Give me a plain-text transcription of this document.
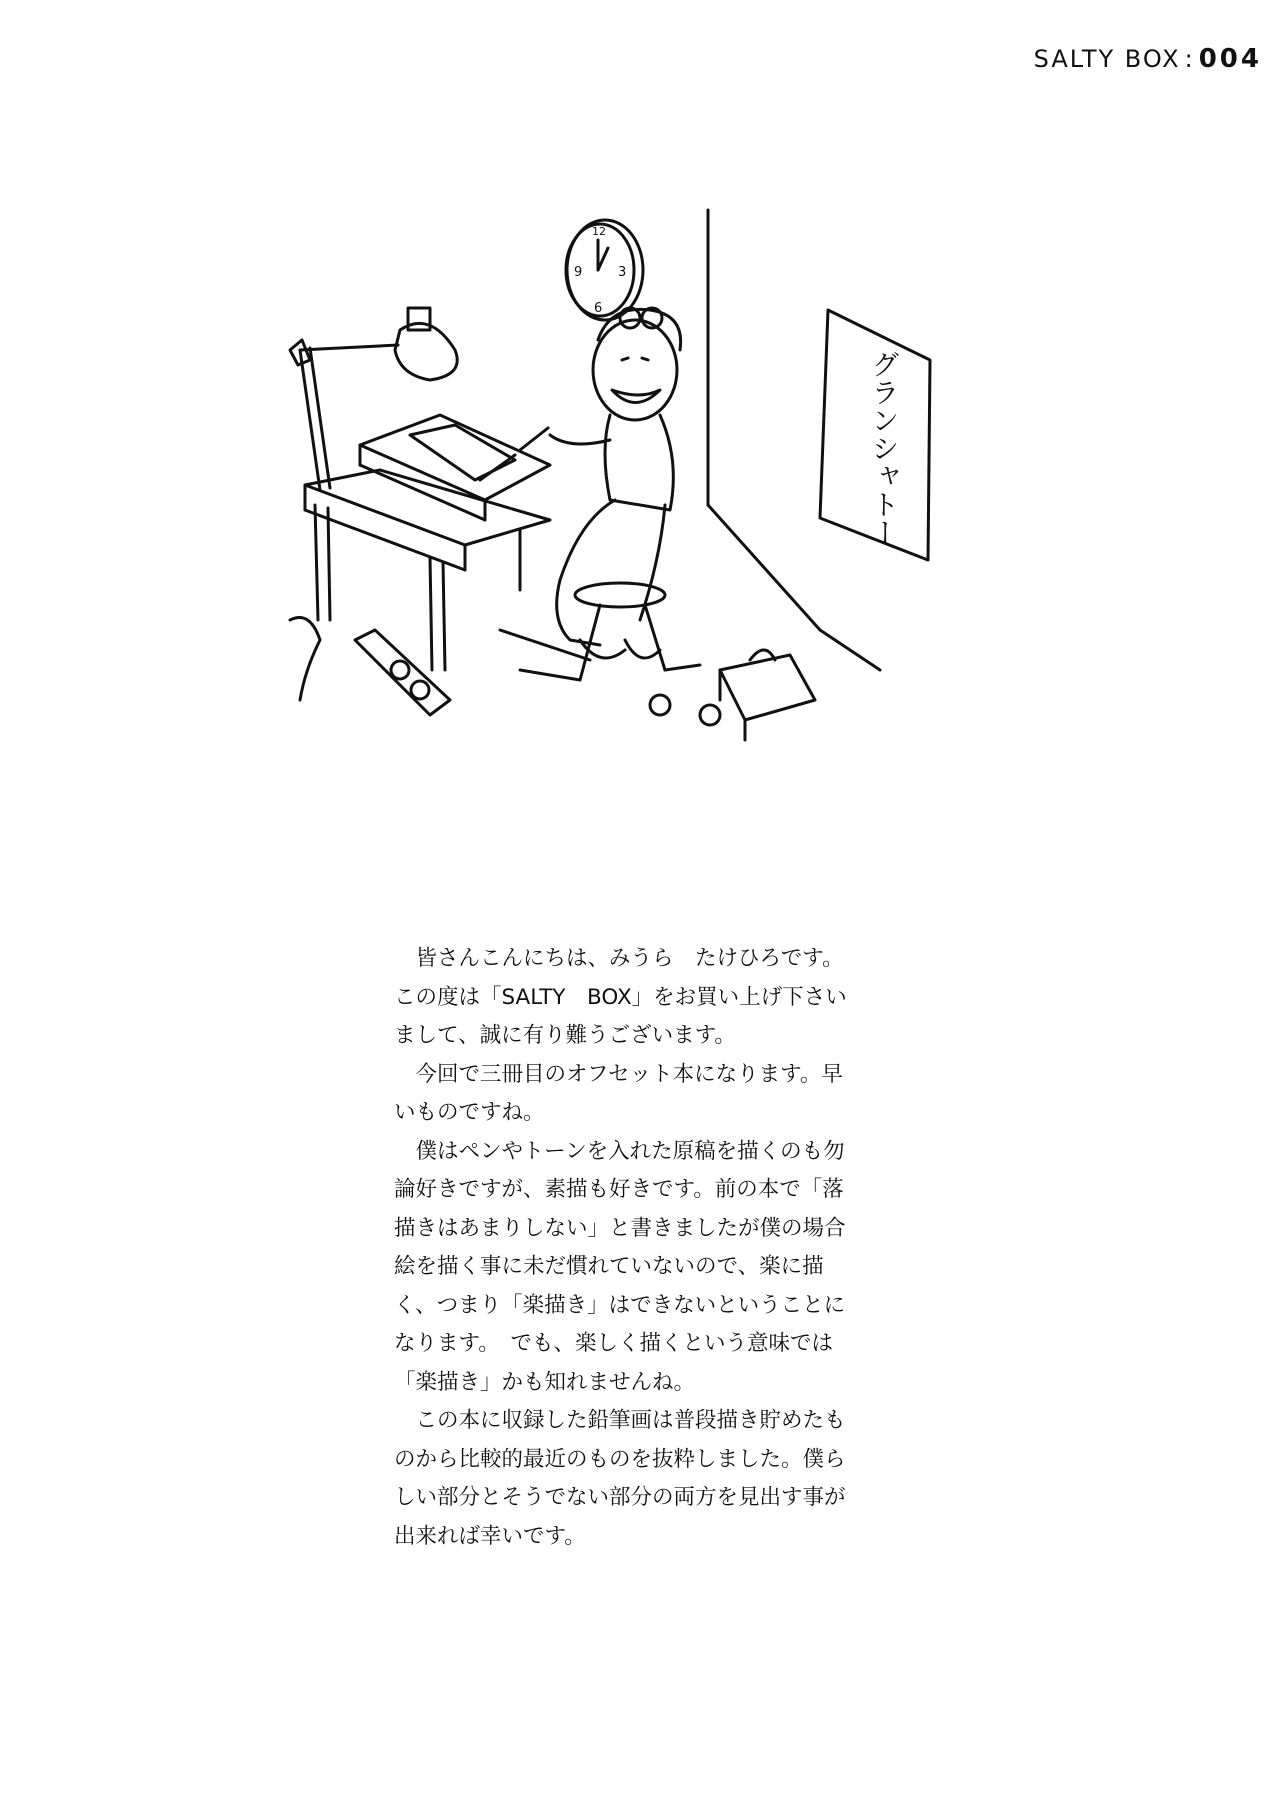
SALTY BOX : 004
12
3
6
9
グランシャトー

皆さんこんにちは、みうら　たけひろです。この度は「SALTY　BOX」をお買い上げ下さいまして、誠に有り難うございます。

今回で三冊目のオフセット本になります。早いものですね。

僕はペンやトーンを入れた原稿を描くのも勿論好きですが、素描も好きです。前の本で「落描きはあまりしない」と書きましたが僕の場合絵を描く事に未だ慣れていないので、楽に描く、つまり「楽描き」はできないということになります。　でも、楽しく描くという意味では「楽描き」かも知れませんね。

この本に収録した鉛筆画は普段描き貯めたものから比較的最近のものを抜粋しました。僕らしい部分とそうでない部分の両方を見出す事が出来れば幸いです。
